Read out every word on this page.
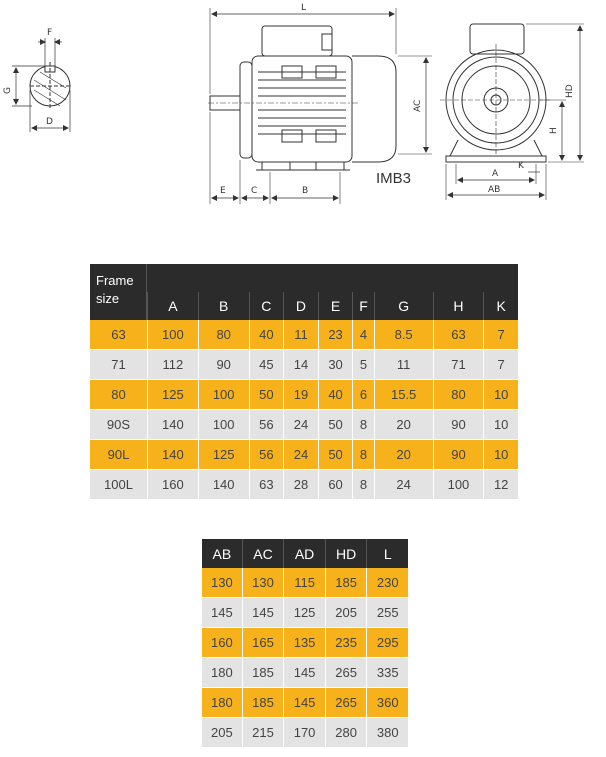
F
G
D
L
AC
E	C	B
HD
H
A
AB
K
IMB3
Frame
size									
	A	B	C	D	E	F	G	H	K
63	100	80	40	11	23	4	8.5	63	7
71	112	90	45	14	30	5	11	71	7
80	125	100	50	19	40	6	15.5	80	10
90S	140	100	56	24	50	8	20	90	10
90L	140	125	56	24	50	8	20	90	10
100L	160	140	63	28	60	8	24	100	12
AB	AC	AD	HD	L
130	130	115	185	230
145	145	125	205	255
160	165	135	235	295
180	185	145	265	335
180	185	145	265	360
205	215	170	280	380
